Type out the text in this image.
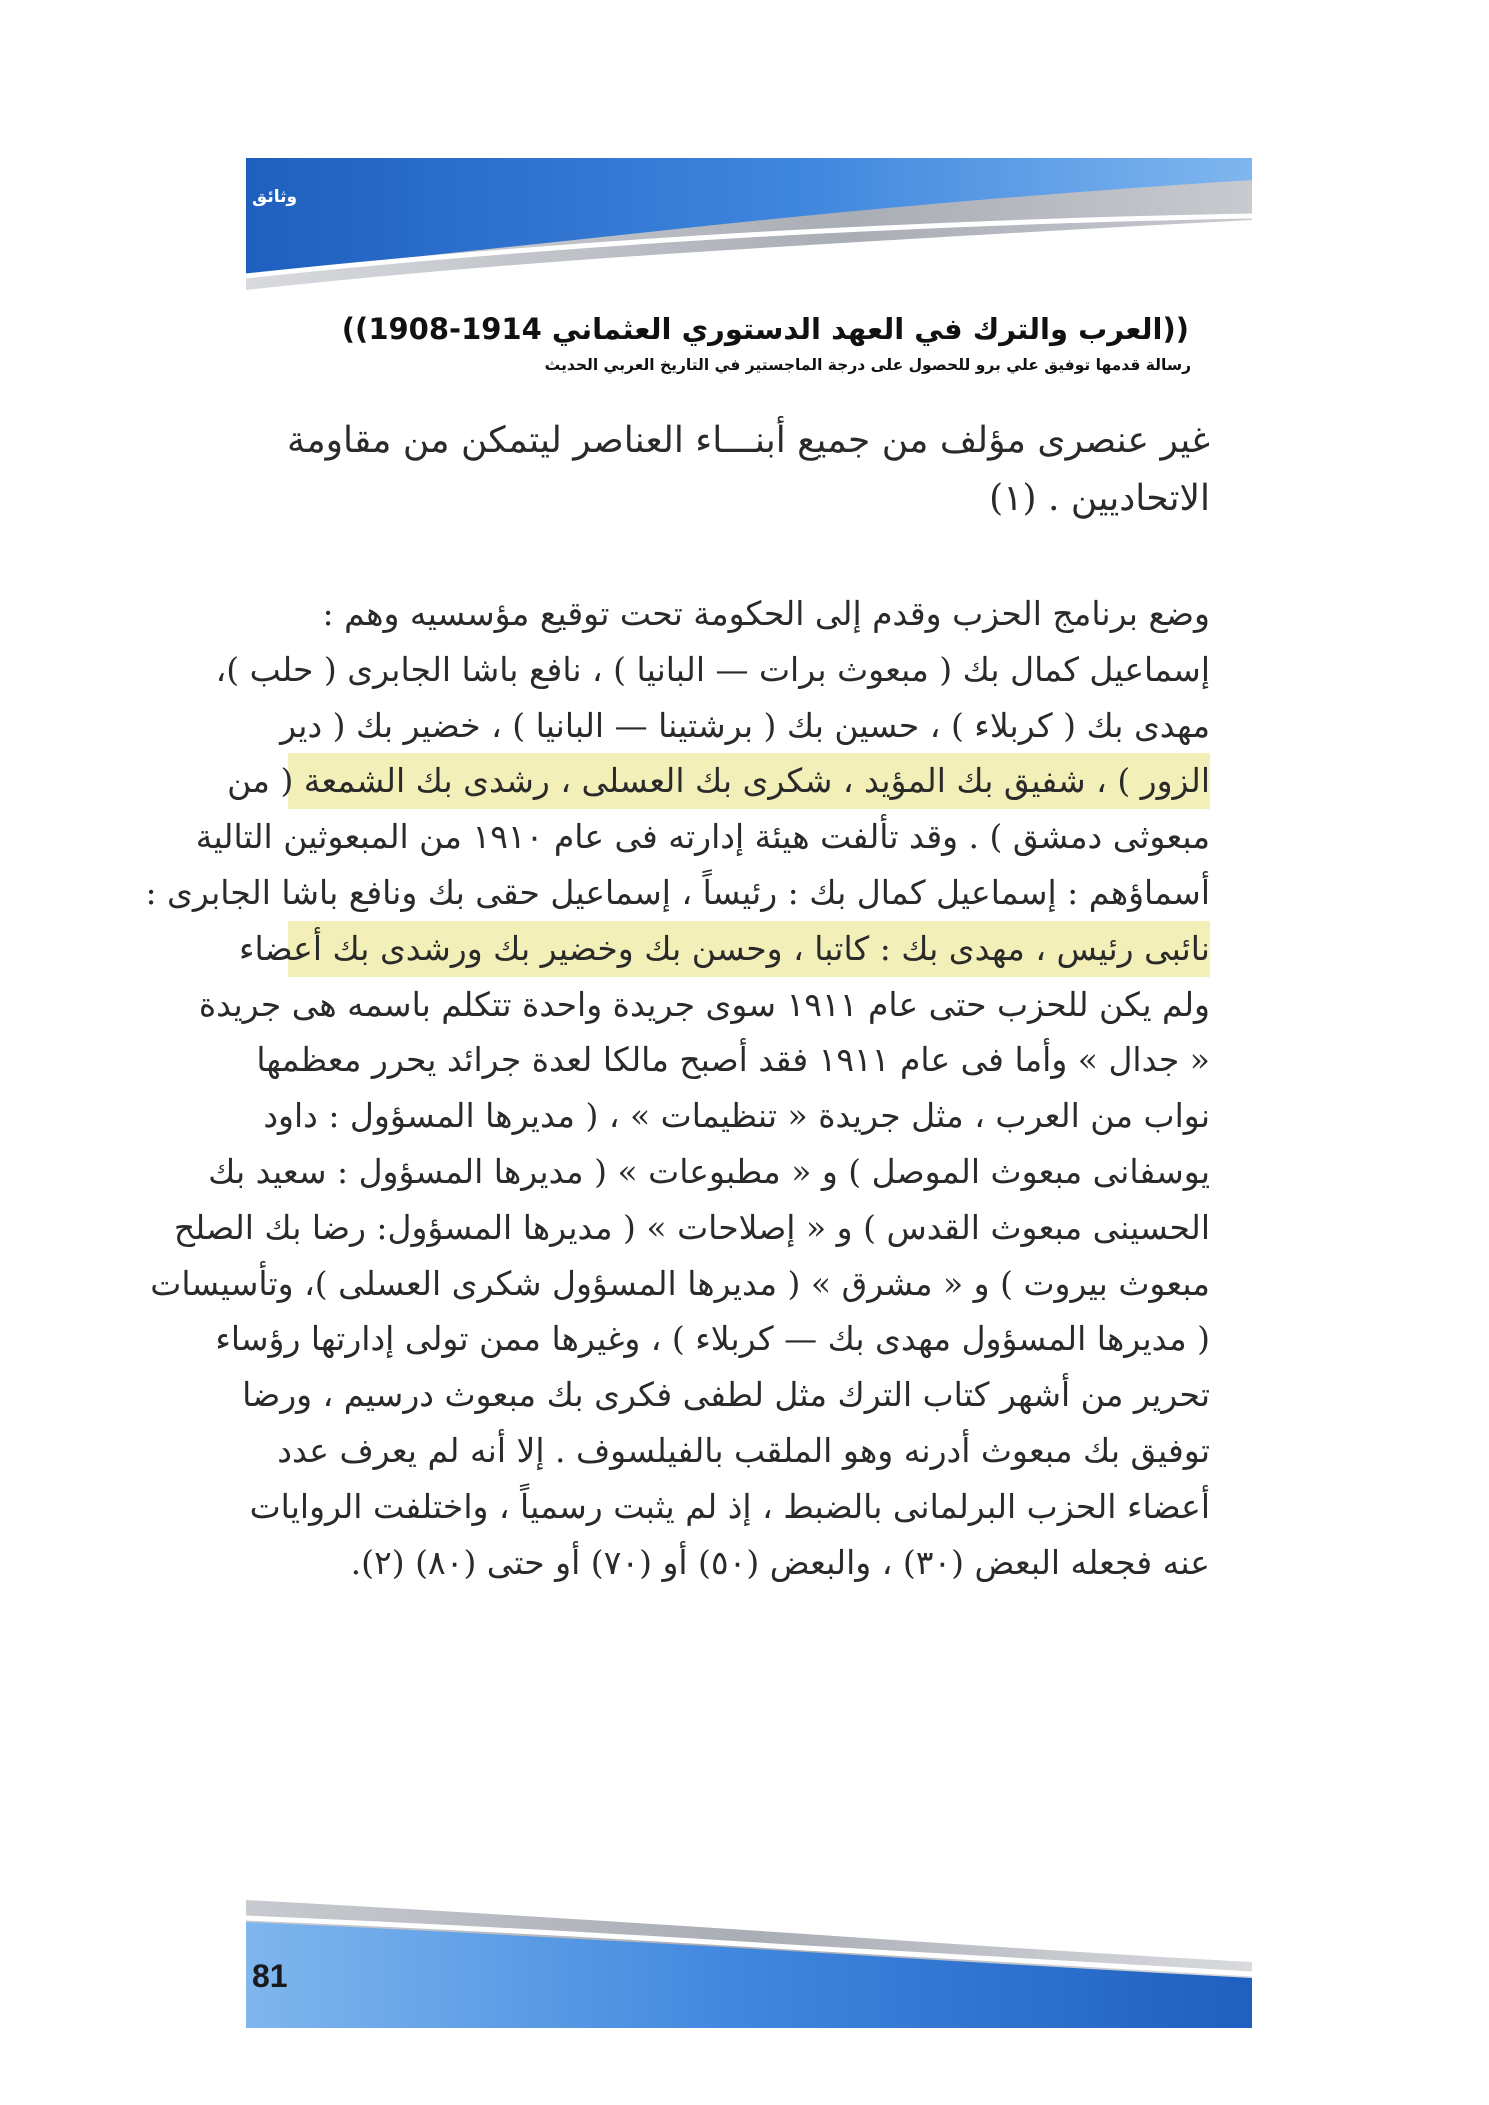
وثائق
((العرب والترك في العهد الدستوري العثماني 1914-1908))
رسالة قدمها توفيق علي برو للحصول على درجة الماجستير في التاريخ العربي الحديث
غير عنصرى مؤلف من جميع أبنـــاء العناصر ليتمكن من مقاومة
الاتحاديين . (١)
وضع برنامج الحزب وقدم إلى الحكومة تحت توقيع مؤسسيه وهم :
إسماعيل كمال بك ( مبعوث برات — البانيا ) ، نافع باشا الجابرى ( حلب )،
مهدى بك ( كربلاء ) ، حسين بك ( برشتينا — البانيا ) ، خضير بك ( دير
الزور ) ، شفيق بك المؤيد ، شكرى بك العسلى ، رشدى بك الشمعة ( من
مبعوثى دمشق ) . وقد تألفت هيئة إدارته فى عام ١٩١٠ من المبعوثين التالية
أسماؤهم : إسماعيل كمال بك : رئيساً ، إسماعيل حقى بك ونافع باشا الجابرى :
نائبى رئيس ، مهدى بك : كاتبا ، وحسن بك وخضير بك ورشدى بك أعضاء
ولم يكن للحزب حتى عام ١٩١١ سوى جريدة واحدة تتكلم باسمه هى جريدة
« جدال » وأما فى عام ١٩١١ فقد أصبح مالكا لعدة جرائد يحرر معظمها
نواب من العرب ، مثل جريدة « تنظيمات » ، ( مديرها المسؤول : داود
يوسفانى مبعوث الموصل ) و « مطبوعات » ( مديرها المسؤول : سعيد بك
الحسينى مبعوث القدس ) و « إصلاحات » ( مديرها المسؤول: رضا بك الصلح
مبعوث بيروت ) و « مشرق » ( مديرها المسؤول شكرى العسلى )، وتأسيسات
( مديرها المسؤول مهدى بك — كربلاء ) ، وغيرها ممن تولى إدارتها رؤساء
تحرير من أشهر كتاب الترك مثل لطفى فكرى بك مبعوث درسيم ، ورضا
توفيق بك مبعوث أدرنه وهو الملقب بالفيلسوف . إلا أنه لم يعرف عدد
أعضاء الحزب البرلمانى بالضبط ، إذ لم يثبت رسمياً ، واختلفت الروايات
عنه فجعله البعض (٣٠) ، والبعض (٥٠) أو (٧٠) أو حتى (٨٠) (٢).
81
